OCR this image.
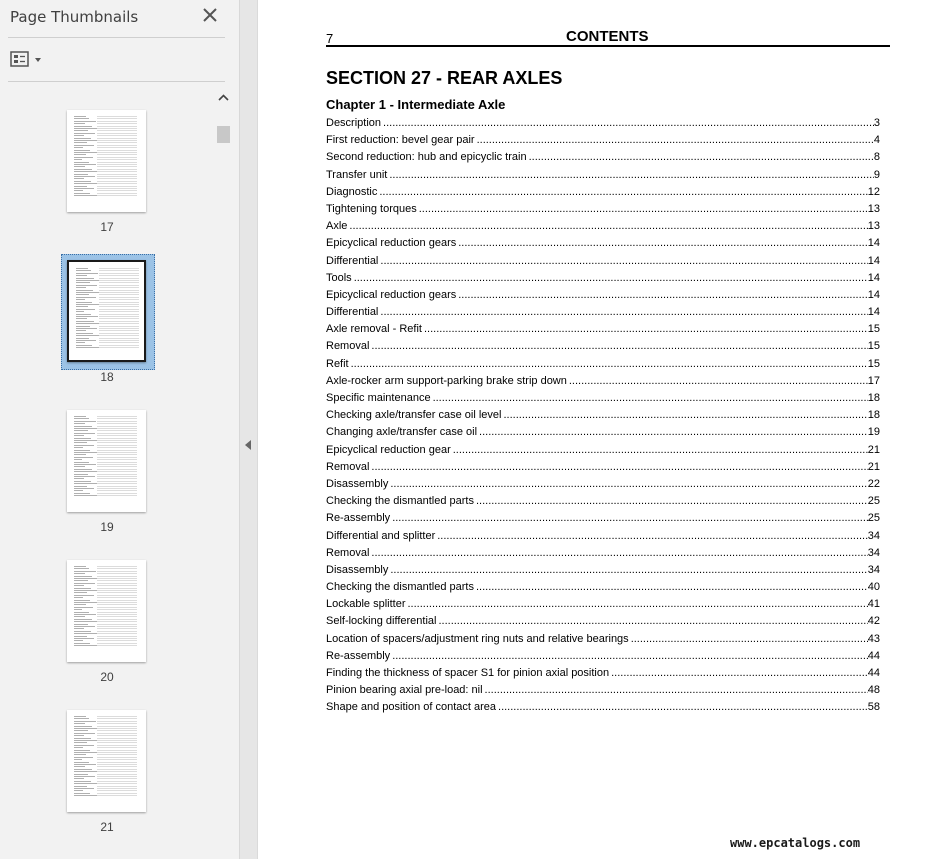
Page Thumbnails
17
18
19
20
21
7	CONTENTS
SECTION 27 - REAR AXLES
Chapter 1 - Intermediate Axle
Description .....	3
First reduction: bevel gear pair .....	4
Second reduction: hub and epicyclic train .....	8
Transfer unit .....	9
Diagnostic .....	12
Tightening torques .....	13
Axle .....	13
Epicyclical reduction gears .....	14
Differential .....	14
Tools .....	14
Epicyclical reduction gears .....	14
Differential .....	14
Axle removal - Refit .....	15
Removal .....	15
Refit .....	15
Axle-rocker arm support-parking brake strip down .....	17
Specific maintenance .....	18
Checking axle/transfer case oil level .....	18
Changing axle/transfer case oil .....	19
Epicyclical reduction gear .....	21
Removal .....	21
Disassembly .....	22
Checking the dismantled parts .....	25
Re-assembly .....	25
Differential and splitter .....	34
Removal .....	34
Disassembly .....	34
Checking the dismantled parts .....	40
Lockable splitter .....	41
Self-locking differential .....	42
Location of spacers/adjustment ring nuts and relative bearings .....	43
Re-assembly .....	44
Finding the thickness of spacer S1 for pinion axial position .....	44
Pinion bearing axial pre-load: nil .....	48
Shape and position of contact area .....	58
www.epcatalogs.com
